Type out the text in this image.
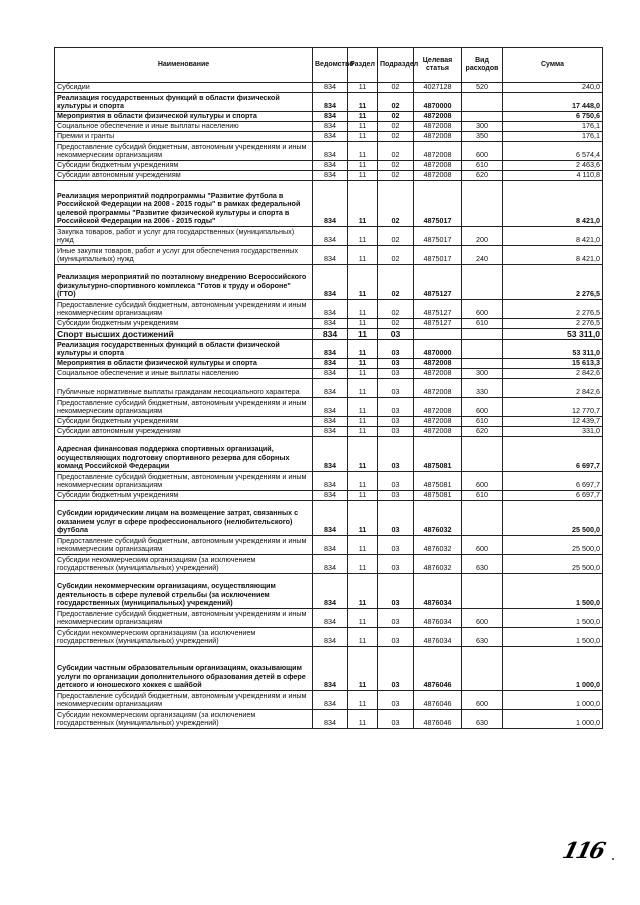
Наименование	Ведомство	Раздел	Подраздел	Целевая статья	Вид расходов	Сумма
Субсидии	834	11	02	4027128	520	240,0
Реализация государственных функций в области физической культуры и спорта	834	11	02	4870000		17 448,0
Мероприятия в области физической культуры и спорта	834	11	02	4872008		6 750,6
Социальное обеспечение и иные выплаты населению	834	11	02	4872008	300	176,1
Премии и гранты	834	11	02	4872008	350	176,1
Предоставление субсидий бюджетным, автономным учреждениям и иным некоммерческим организациям	834	11	02	4872008	600	6 574,4
Субсидии бюджетным учреждениям	834	11	02	4872008	610	2 463,6
Субсидии автономным учреждениям	834	11	02	4872008	620	4 110,8
Реализация мероприятий подпрограммы "Развитие футбола в Российской Федерации на 2008 - 2015 годы" в рамках федеральной целевой программы "Развитие физической культуры и спорта в Российской Федерации на 2006 - 2015 годы"	834	11	02	4875017		8 421,0
Закупка товаров, работ и услуг для государственных (муниципальных) нужд	834	11	02	4875017	200	8 421,0
Иные закупки товаров, работ и услуг для обеспечения государственных (муниципальных) нужд	834	11	02	4875017	240	8 421,0
Реализация мероприятий по поэтапному внедрению Всероссийского физкультурно-спортивного комплекса "Готов к труду и обороне" (ГТО)	834	11	02	4875127		2 276,5
Предоставление субсидий бюджетным, автономным учреждениям и иным некоммерческим организациям	834	11	02	4875127	600	2 276,5
Субсидии бюджетным учреждениям	834	11	02	4875127	610	2 276,5
Спорт высших достижений	834	11	03			53 311,0
Реализация государственных функций в области физической культуры и спорта	834	11	03	4870000		53 311,0
Мероприятия в области физической культуры и спорта	834	11	03	4872008		15 613,3
Социальное обеспечение и иные выплаты населению	834	11	03	4872008	300	2 842,6
Публичные нормативные выплаты гражданам несоциального характера	834	11	03	4872008	330	2 842,6
Предоставление субсидий бюджетным, автономным учреждениям и иным некоммерческим организациям	834	11	03	4872008	600	12 770,7
Субсидии бюджетным учреждениям	834	11	03	4872008	610	12 439,7
Субсидии автономным учреждениям	834	11	03	4872008	620	331,0
Адресная финансовая поддержка спортивных организаций, осуществляющих подготовку спортивного резерва для сборных команд Российской Федерации	834	11	03	4875081		6 697,7
Предоставление субсидий бюджетным, автономным учреждениям и иным некоммерческим организациям	834	11	03	4875081	600	6 697,7
Субсидии бюджетным учреждениям	834	11	03	4875081	610	6 697,7
Субсидии юридическим лицам на возмещение затрат, связанных с оказанием услуг в сфере профессионального (нелюбительского) футбола	834	11	03	4876032		25 500,0
Предоставление субсидий бюджетным, автономным учреждениям и иным некоммерческим организациям	834	11	03	4876032	600	25 500,0
Субсидии некоммерческим организациям (за исключением государственных (муниципальных) учреждений)	834	11	03	4876032	630	25 500,0
Субсидии некоммерческим организациям, осуществляющим деятельность в сфере пулевой стрельбы (за исключением государственных (муниципальных) учреждений)	834	11	03	4876034		1 500,0
Предоставление субсидий бюджетным, автономным учреждениям и иным некоммерческим организациям	834	11	03	4876034	600	1 500,0
Субсидии некоммерческим организациям (за исключением государственных (муниципальных) учреждений)	834	11	03	4876034	630	1 500,0
Субсидии частным образовательным организациям, оказывающим услуги по организации дополнительного образования детей в сфере детского и юношеского хоккея с шайбой	834	11	03	4876046		1 000,0
Предоставление субсидий бюджетным, автономным учреждениям и иным некоммерческим организациям	834	11	03	4876046	600	1 000,0
Субсидии некоммерческим организациям (за исключением государственных (муниципальных) учреждений)	834	11	03	4876046	630	1 000,0
116
